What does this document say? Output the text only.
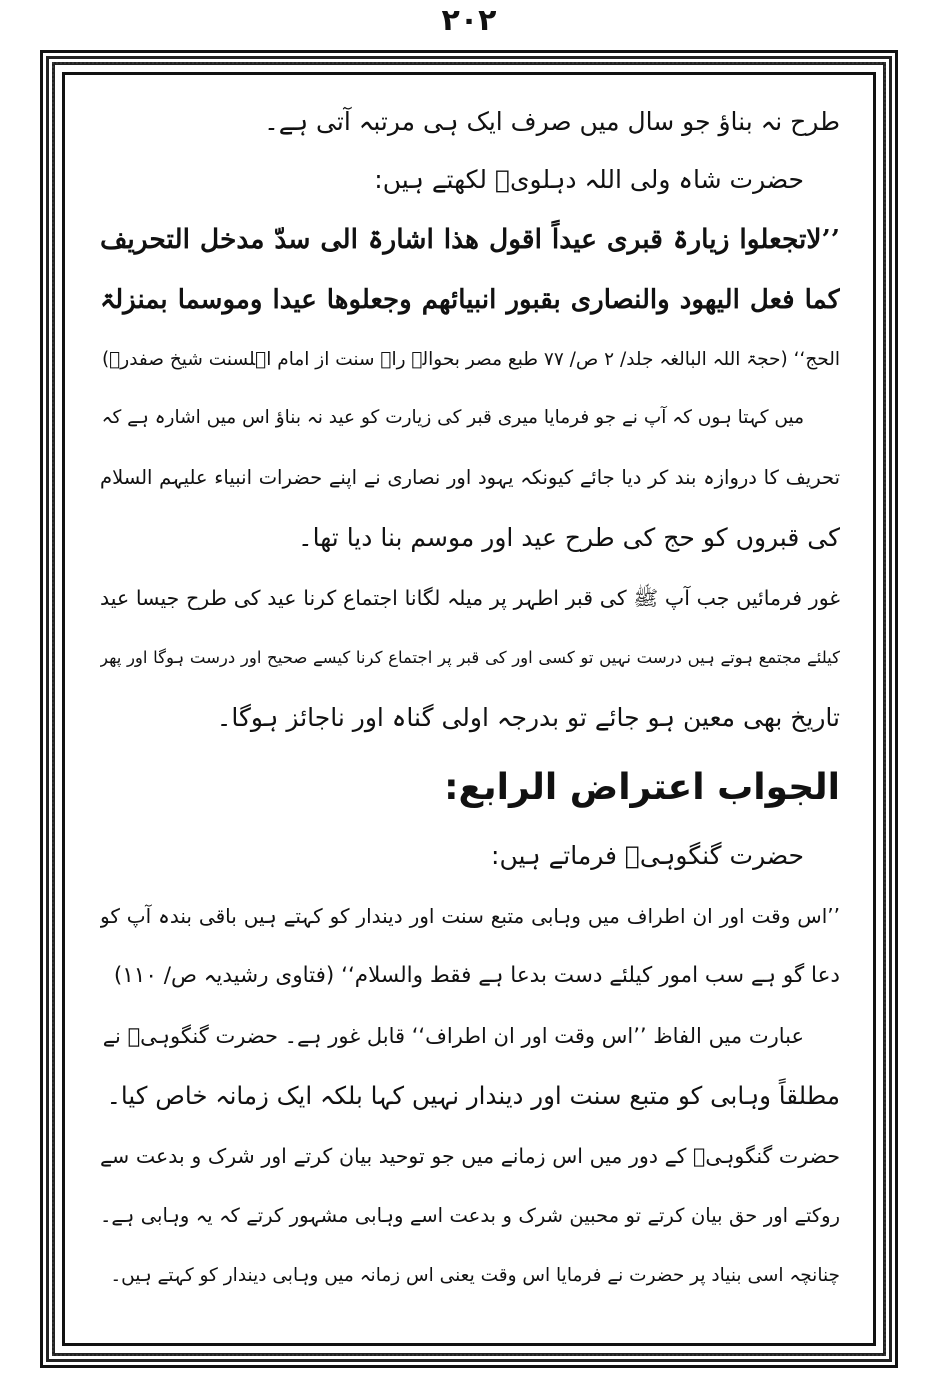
۲۰۲
طرح نہ بناؤ جو سال میں صرف ایک ہی مرتبہ آتی ہے۔
حضرت شاہ ولی اللہ دہلویؒ لکھتے ہیں:
’’لاتجعلوا زیارۃ قبری عیداً اقول ھذا اشارۃ الی سدّ مدخل التحریف
کما فعل الیھود والنصاری بقبور انبیائھم وجعلوھا عیدا وموسما بمنزلۃ
الحج‘‘ (حجۃ اللہ البالغہ جلد/ ۲ ص/ ۷۷ طبع مصر بحوالہ راہ سنت از امام اہلسنت شیخ صفدرؒ)
میں کہتا ہوں کہ آپ نے جو فرمایا میری قبر کی زیارت کو عید نہ بناؤ اس میں اشارہ ہے کہ
تحریف کا دروازہ بند کر دیا جائے کیونکہ یہود اور نصاری نے اپنے حضرات انبیاء علیہم السلام
کی قبروں کو حج کی طرح عید اور موسم بنا دیا تھا۔
غور فرمائیں جب آپ ﷺ کی قبر اطہر پر میلہ لگانا اجتماع کرنا عید کی طرح جیسا عید
کیلئے مجتمع ہوتے ہیں درست نہیں تو کسی اور کی قبر پر اجتماع کرنا کیسے صحیح اور درست ہوگا اور پھر
تاریخ بھی معین ہو جائے تو بدرجہ اولی گناہ اور ناجائز ہوگا۔
الجواب اعتراض الرابع:
حضرت گنگوہیؒ فرماتے ہیں:
’’اس وقت اور ان اطراف میں وہابی متبع سنت اور دیندار کو کہتے ہیں باقی بندہ آپ کو
دعا گو ہے سب امور کیلئے دست بدعا ہے فقط والسلام‘‘ (فتاوی رشیدیہ ص/ ۱۱۰)
عبارت میں الفاظ ’’اس وقت اور ان اطراف‘‘ قابل غور ہے۔ حضرت گنگوہیؒ نے
مطلقاً وہابی کو متبع سنت اور دیندار نہیں کہا بلکہ ایک زمانہ خاص کیا۔
حضرت گنگوہیؒ کے دور میں اس زمانے میں جو توحید بیان کرتے اور شرک و بدعت سے
روکتے اور حق بیان کرتے تو محبین شرک و بدعت اسے وہابی مشہور کرتے کہ یہ وہابی ہے۔
چنانچہ اسی بنیاد پر حضرت نے فرمایا اس وقت یعنی اس زمانہ میں وہابی دیندار کو کہتے ہیں۔
